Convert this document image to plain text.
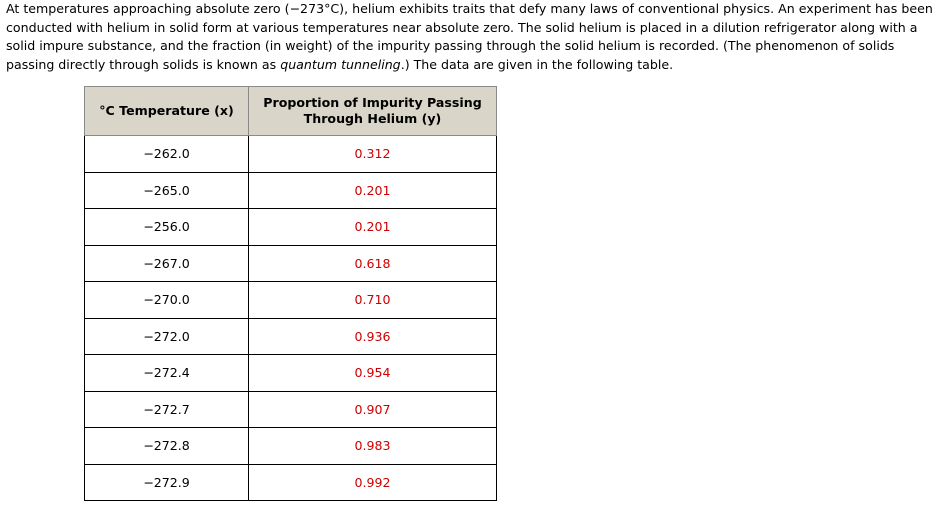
At temperatures approaching absolute zero (−273°C), helium exhibits traits that defy many laws of conventional physics. An experiment has been conducted with helium in solid form at various temperatures near absolute zero. The solid helium is placed in a dilution refrigerator along with a solid impure substance, and the fraction (in weight) of the impurity passing through the solid helium is recorded. (The phenomenon of solids passing directly through solids is known as quantum tunneling.) The data are given in the following table.

°C Temperature (x)	Proportion of Impurity Passing
Through Helium (y)

−262.0	0.312
−265.0	0.201
−256.0	0.201
−267.0	0.618
−270.0	0.710
−272.0	0.936
−272.4	0.954
−272.7	0.907
−272.8	0.983
−272.9	0.992
